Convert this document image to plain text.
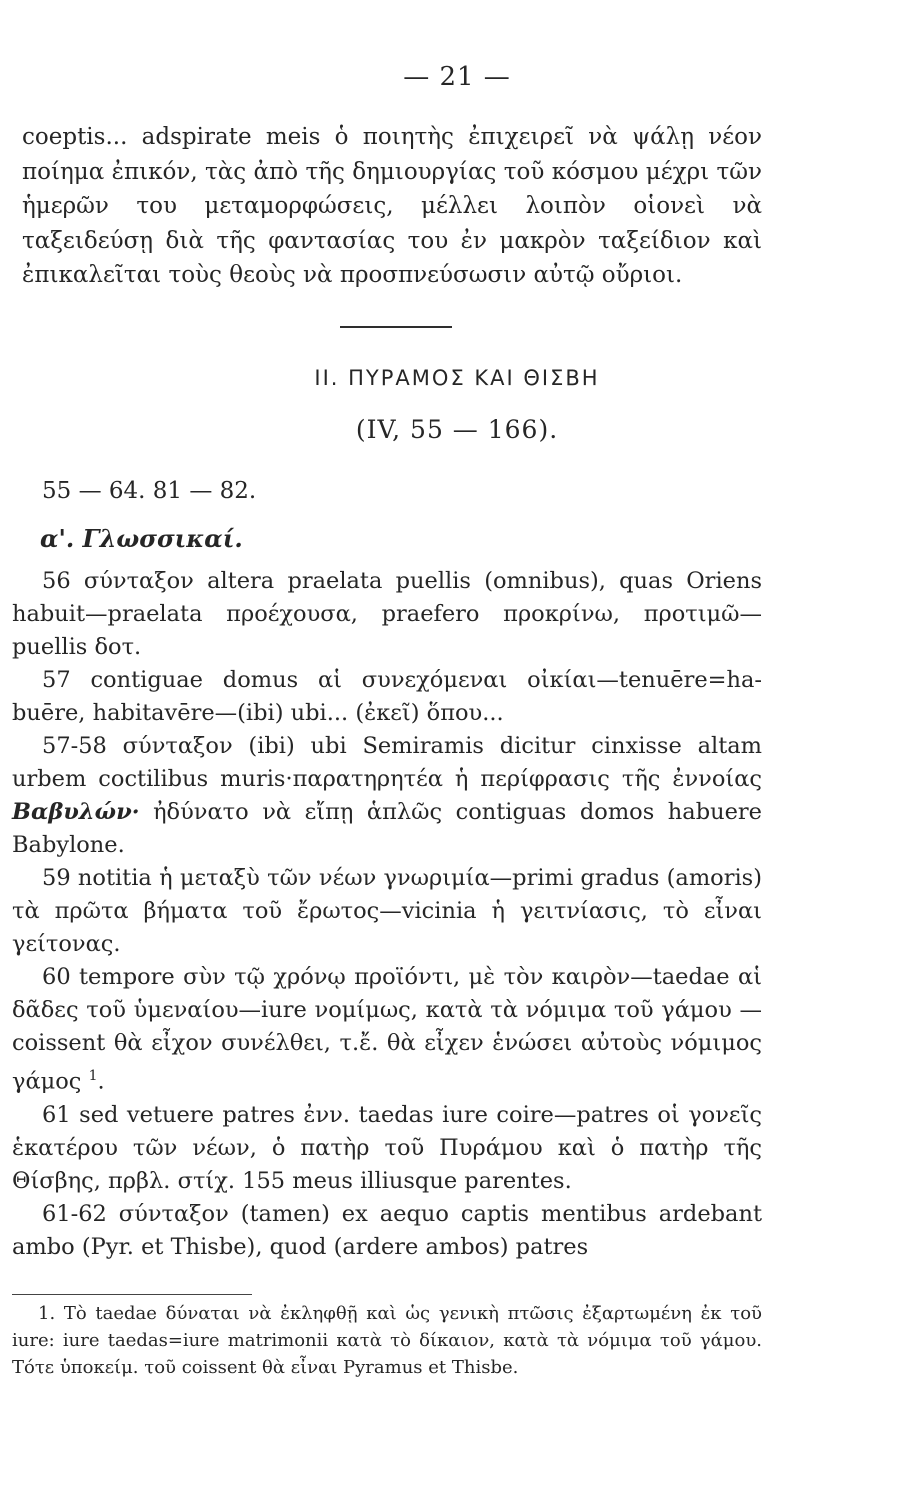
— 21 —

coeptis... adspirate meis ὁ ποιητὴς ἐπιχειρεῖ νὰ ψάλῃ νέον ποίημα ἐπικόν, τὰς ἀπὸ τῆς δημιουργίας τοῦ κόσμου μέχρι τῶν ἡμερῶν του μεταμορφώσεις, μέλλει λοιπὸν οἱονεὶ νὰ ταξειδεύσῃ διὰ τῆς φαντασίας του ἐν μακρὸν ταξείδιον καὶ ἐπικαλεῖται τοὺς θεοὺς νὰ προσπνεύσωσιν αὐτῷ οὔριοι.

II. ΠΥΡΑΜΟΣ ΚΑΙ ΘΙΣΒΗ
(IV, 55 — 166).
55 — 64. 81 — 82.
α'. Γλωσσικαί.

56 σύνταξον altera praelata puellis (omnibus), quas Oriens habuit—praelata προέχουσα, praefero προκρίνω, προτιμῶ—puellis δοτ.

57 contiguae domus αἱ συνεχόμεναι οἰκίαι—tenuēre=ha-buēre, habitavēre—(ibi) ubi... (ἐκεῖ) ὅπου...

57-58 σύνταξον (ibi) ubi Semiramis dicitur cinxisse altam urbem coctilibus muris·παρατηρητέα ἡ περίφρασις τῆς ἐννοίας Βαβυλών· ἠδύνατο νὰ εἴπῃ ἁπλῶς contiguas domos habuere Babylone.

59 notitia ἡ μεταξὺ τῶν νέων γνωριμία—primi gradus (amoris) τὰ πρῶτα βήματα τοῦ ἔρωτος—vicinia ἡ γειτνίασις, τὸ εἶναι γείτονας.

60 tempore σὺν τῷ χρόνῳ προϊόντι, μὲ τὸν καιρὸν—taedae αἱ δᾶδες τοῦ ὑμεναίου—iure νομίμως, κατὰ τὰ νόμιμα τοῦ γάμου —coissent θὰ εἶχον συνέλθει, τ.ἔ. θὰ εἶχεν ἑνώσει αὐτοὺς νόμιμος γάμος $^1$.

61 sed vetuere patres ἐνν. taedas iure coire—patres οἱ γονεῖς ἑκατέρου τῶν νέων, ὁ πατὴρ τοῦ Πυράμου καὶ ὁ πατὴρ τῆς Θίσβης, πρβλ. στίχ. 155 meus illiusque parentes.

61-62 σύνταξον (tamen) ex aequo captis mentibus ardebant ambo (Pyr. et Thisbe), quod (ardere ambos) patres

1. Τὸ taedae δύναται νὰ ἐκληφθῇ καὶ ὡς γενικὴ πτῶσις ἐξαρτωμένη ἐκ τοῦ iure: iure taedas=iure matrimonii κατὰ τὸ δίκαιον, κατὰ τὰ νόμιμα τοῦ γάμου. Τότε ὑποκείμ. τοῦ coissent θὰ εἶναι Pyramus et Thisbe.
